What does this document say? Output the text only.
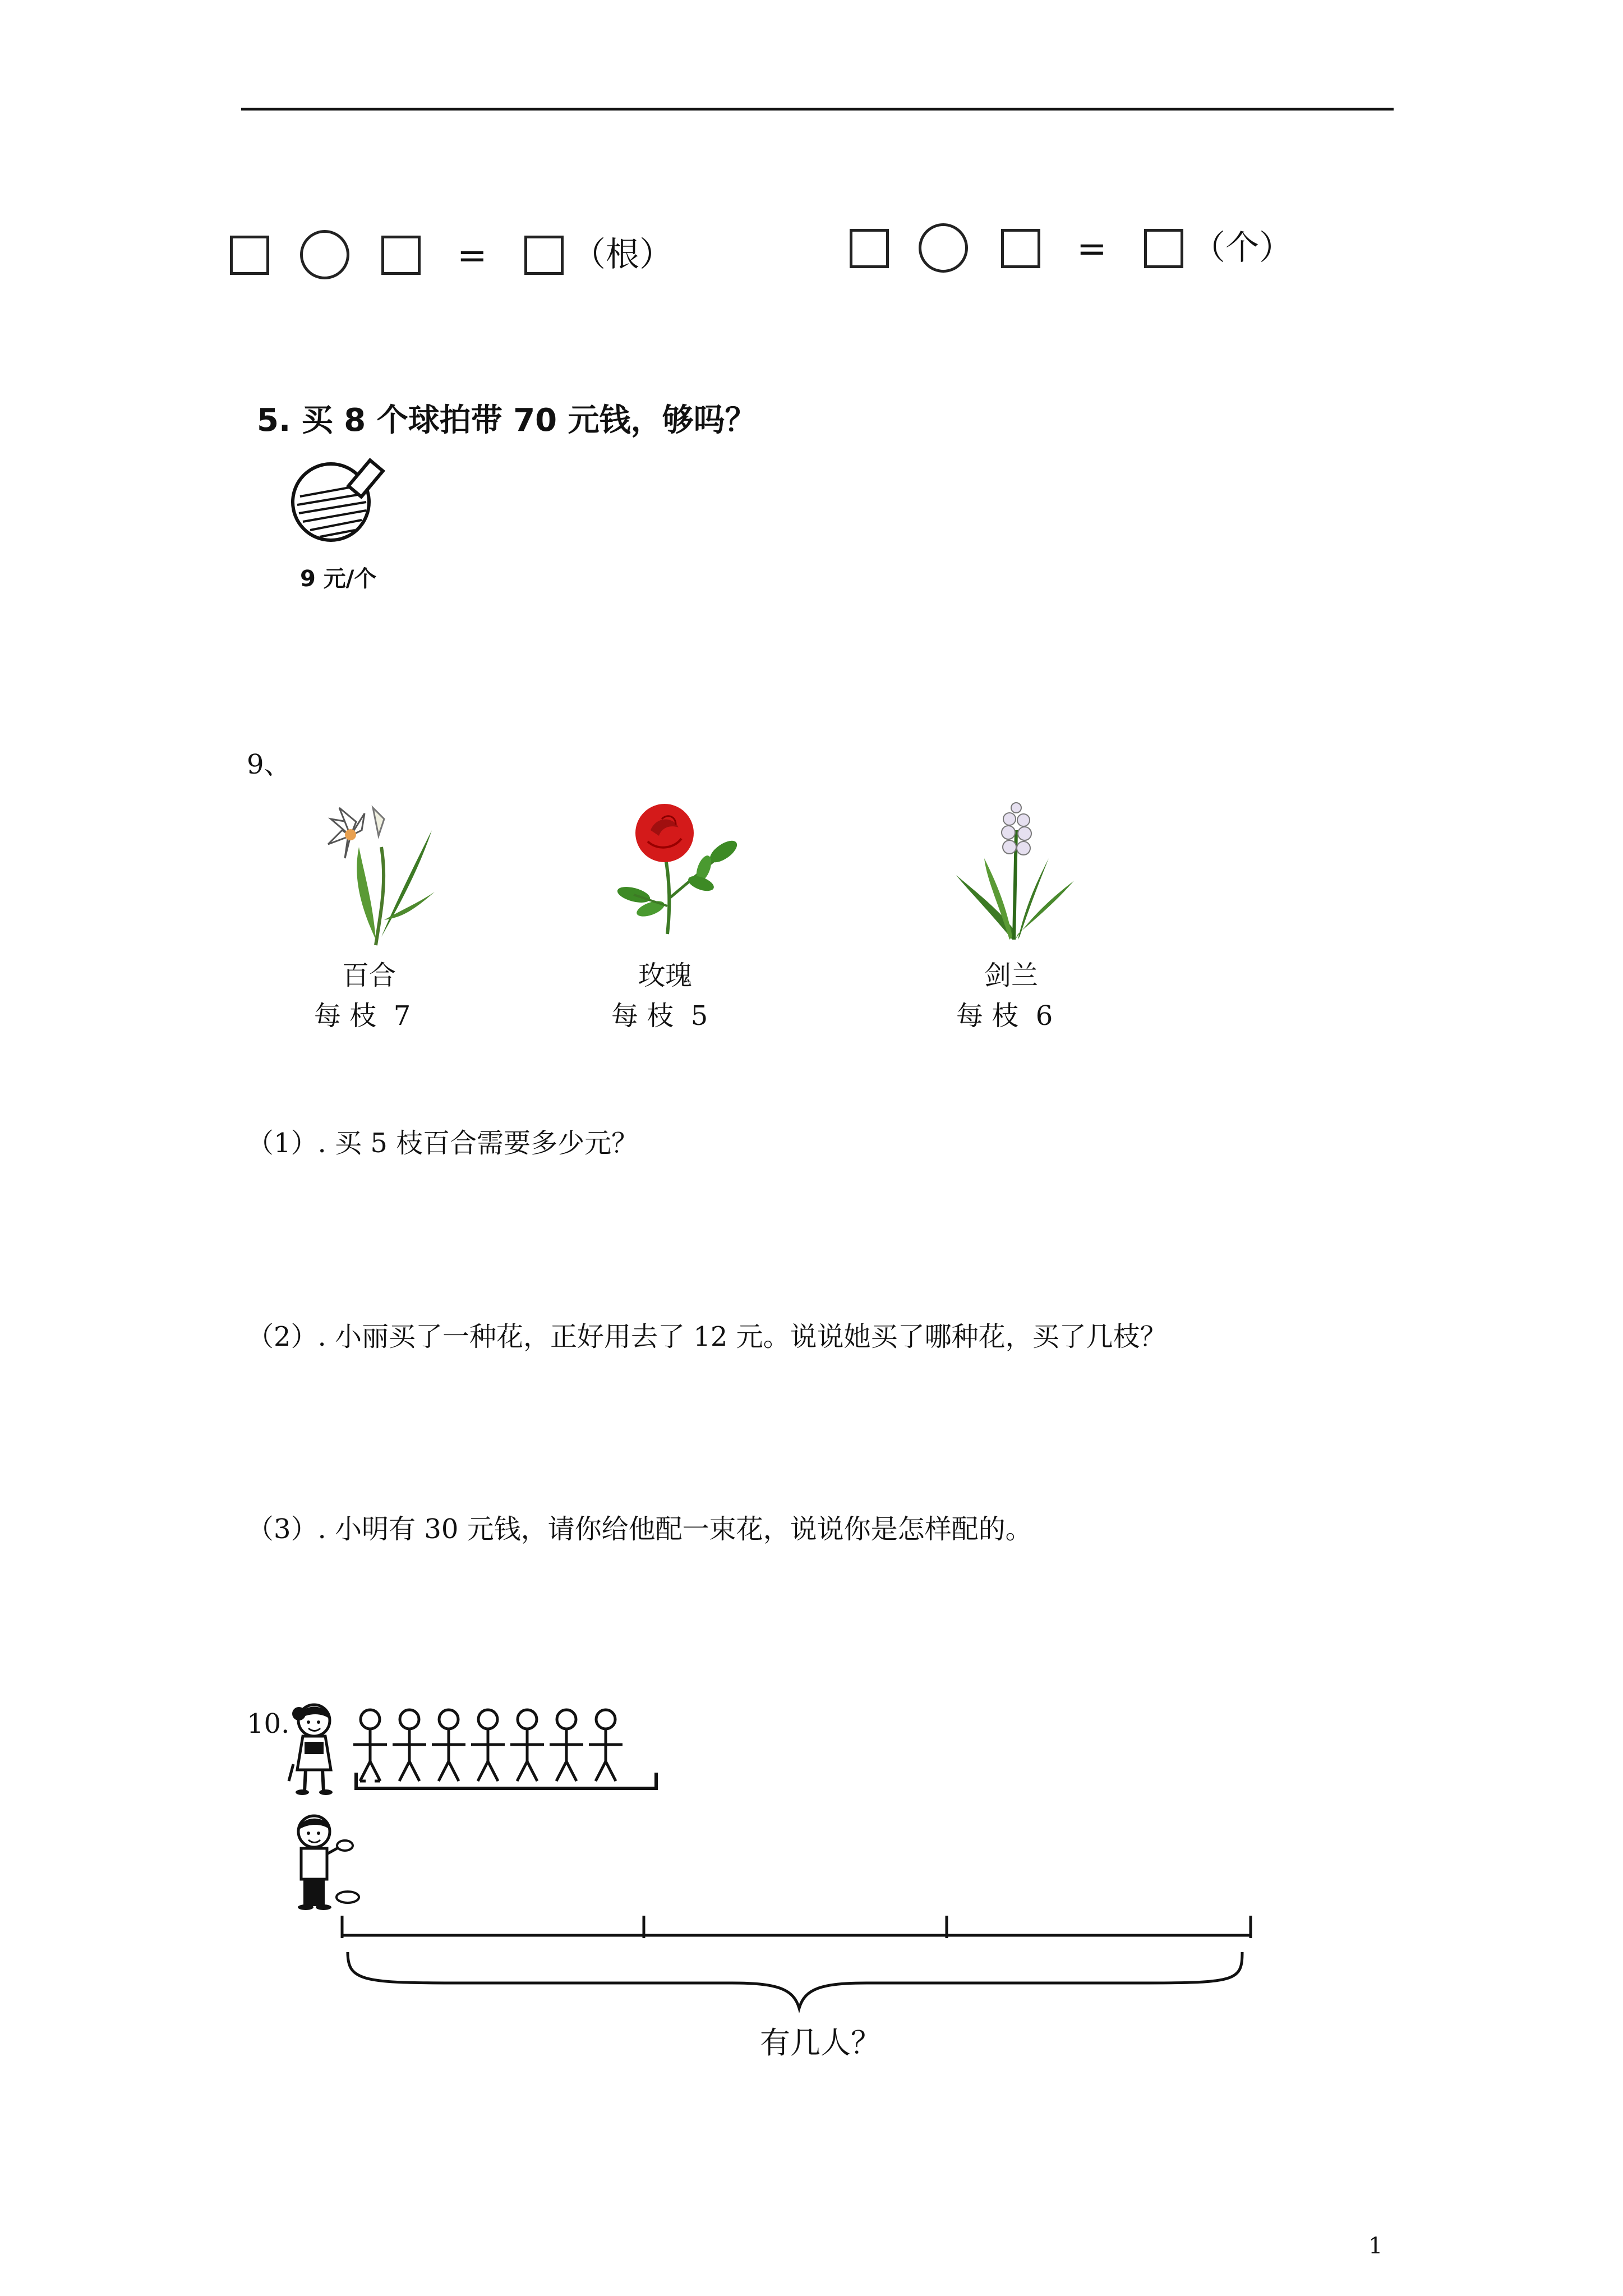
=	（根）	=	（个）
5. 买 8 个球拍带 70 元钱，够吗？
9 元/个
9、
百合
每 枝  7
玫瑰
每 枝  5
剑兰
每 枝  6
（1）. 买 5 枝百合需要多少元？
（2）. 小丽买了一种花，正好用去了 12 元。说说她买了哪种花，买了几枝？
（3）. 小明有 30 元钱，请你给他配一束花，说说你是怎样配的。
10.
有几人？
1
